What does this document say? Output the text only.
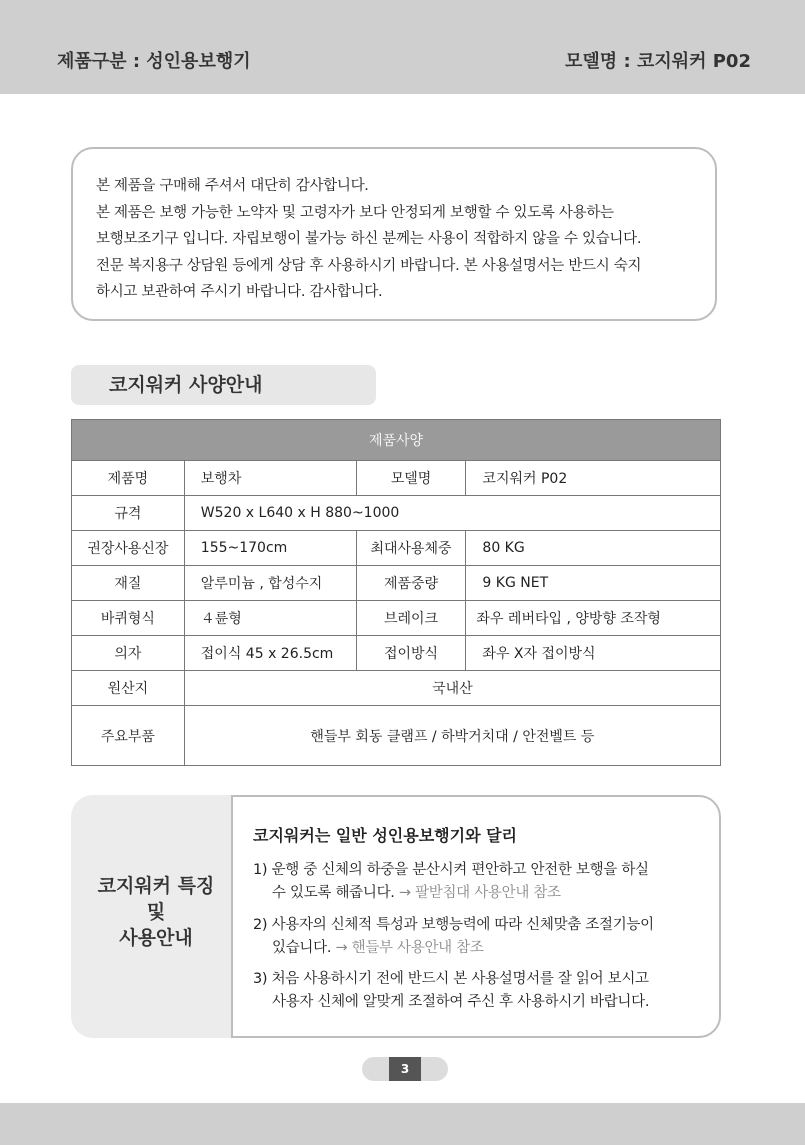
제품구분 : 성인용보행기	모델명 : 코지워커 P02

본 제품을 구매해 주셔서 대단히 감사합니다.

본 제품은 보행 가능한 노약자 및 고령자가 보다 안정되게 보행할 수 있도록 사용하는

보행보조기구 입니다. 자립보행이 불가능 하신 분께는 사용이 적합하지 않을 수 있습니다.

전문 복지용구 상담원 등에게 상담 후 사용하시기 바랍니다. 본 사용설명서는 반드시 숙지

하시고 보관하여 주시기 바랍니다. 감사합니다.

코지워커 사양안내
제품사양			
제품명	보행차	모델명	코지워커 P02
규격	W520 x L640 x H 880~1000		
권장사용신장	155~170cm	최대사용체중	80 KG
재질	알루미늄 , 합성수지	제품중량	9 KG NET
바퀴형식	４륜형	브레이크	좌우 레버타입 , 양방향 조작형
의자	접이식 45 x 26.5cm	접이방식	좌우 X자 접이방식
원산지	국내산		
주요부품	핸들부 회동 클램프 / 하박거치대 / 안전벨트 등		
코지워커 특징
및
사용안내
코지워커는 일반 성인용보행기와 달리
1) 운행 중 신체의 하중을 분산시켜 편안하고 안전한 보행을 하실
수 있도록 해줍니다. → 팔받침대 사용안내 참조
2) 사용자의 신체적 특성과 보행능력에 따라 신체맞춤 조절기능이
있습니다. → 핸들부 사용안내 참조
3) 처음 사용하시기 전에 반드시 본 사용설명서를 잘 읽어 보시고
사용자 신체에 알맞게 조절하여 주신 후 사용하시기 바랍니다.
3
